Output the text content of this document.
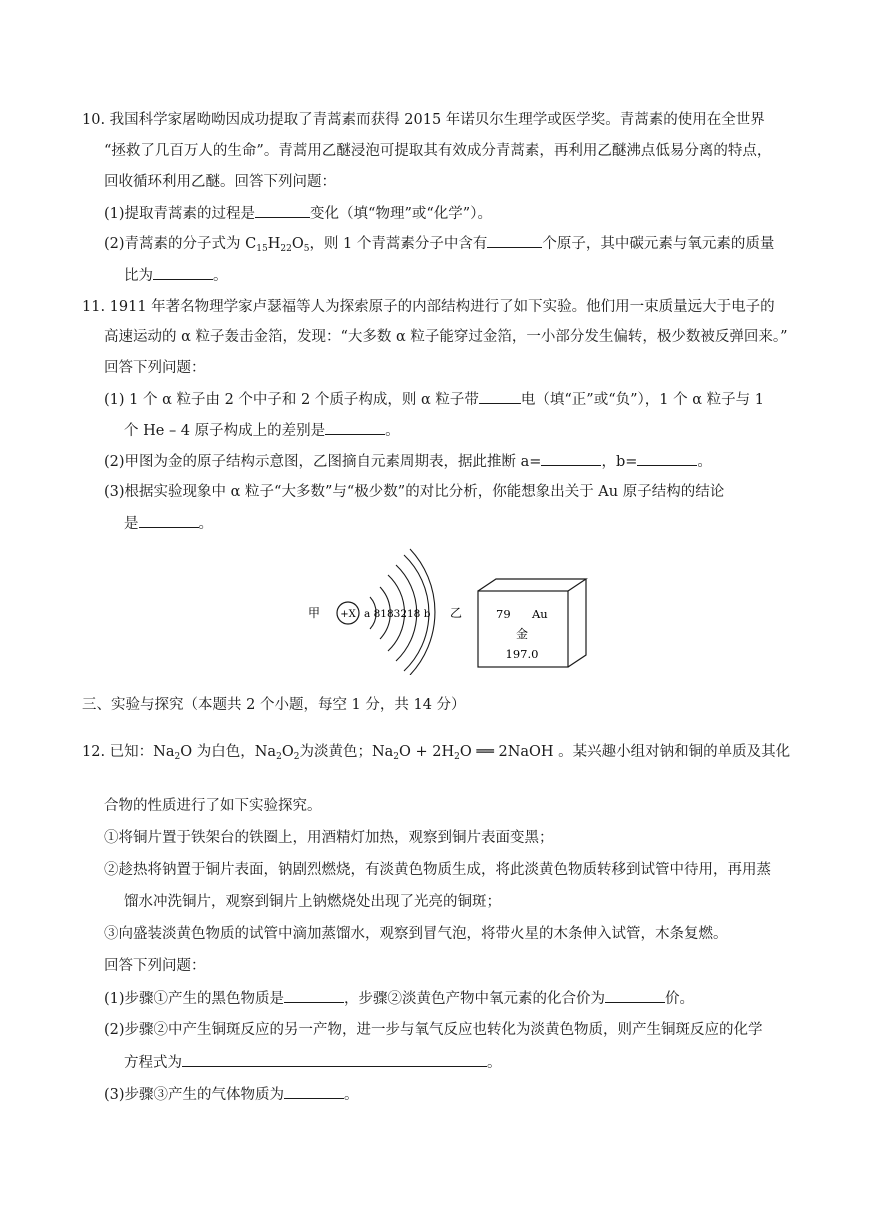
10. 我国科学家屠呦呦因成功提取了青蒿素而获得 2015 年诺贝尔生理学或医学奖。青蒿素的使用在全世界
“拯救了几百万人的生命”。青蒿用乙醚浸泡可提取其有效成分青蒿素，再利用乙醚沸点低易分离的特点，
回收循环利用乙醚。回答下列问题：
(1)提取青蒿素的过程是	变化（填“物理”或“化学”）。
(2)青蒿素的分子式为 $C_{15}H_{22}O_5$，则 1 个青蒿素分子中含有	个原子，其中碳元素与氧元素的质量
比为	。
11. 1911 年著名物理学家卢瑟福等人为探索原子的内部结构进行了如下实验。他们用一束质量远大于电子的
高速运动的 α 粒子轰击金箔，发现：“大多数 α 粒子能穿过金箔，一小部分发生偏转，极少数被反弹回来。”
回答下列问题：
(1) 1 个 α 粒子由 2 个中子和 2 个质子构成，则 α 粒子带	电（填“正”或“负”），1 个 α 粒子与 1
个 He – 4 原子构成上的差别是	。
(2)甲图为金的原子结构示意图，乙图摘自元素周期表，据此推断 a=	，b=	。
(3)根据实验现象中 α 粒子“大多数”与“极少数”的对比分析，你能想象出关于 Au 原子结构的结论
是	。
甲 +X a 8183218 b 乙	79 Au
金
197.0
三、实验与探究（本题共 2 个小题，每空 1 分，共 14 分）
12. 已知：$Na_2O$ 为白色，$Na_2O_2$为淡黄色；$Na_2O + 2H_2O$ ══ 2NaOH 。某兴趣小组对钠和铜的单质及其化
合物的性质进行了如下实验探究。
①将铜片置于铁架台的铁圈上，用酒精灯加热，观察到铜片表面变黑；
②趁热将钠置于铜片表面，钠剧烈燃烧，有淡黄色物质生成，将此淡黄色物质转移到试管中待用，再用蒸
馏水冲洗铜片，观察到铜片上钠燃烧处出现了光亮的铜斑；
③向盛装淡黄色物质的试管中滴加蒸馏水，观察到冒气泡，将带火星的木条伸入试管，木条复燃。
回答下列问题：
(1)步骤①产生的黑色物质是	，步骤②淡黄色产物中氧元素的化合价为	价。
(2)步骤②中产生铜斑反应的另一产物，进一步与氧气反应也转化为淡黄色物质，则产生铜斑反应的化学
方程式为	。
(3)步骤③产生的气体物质为	。
